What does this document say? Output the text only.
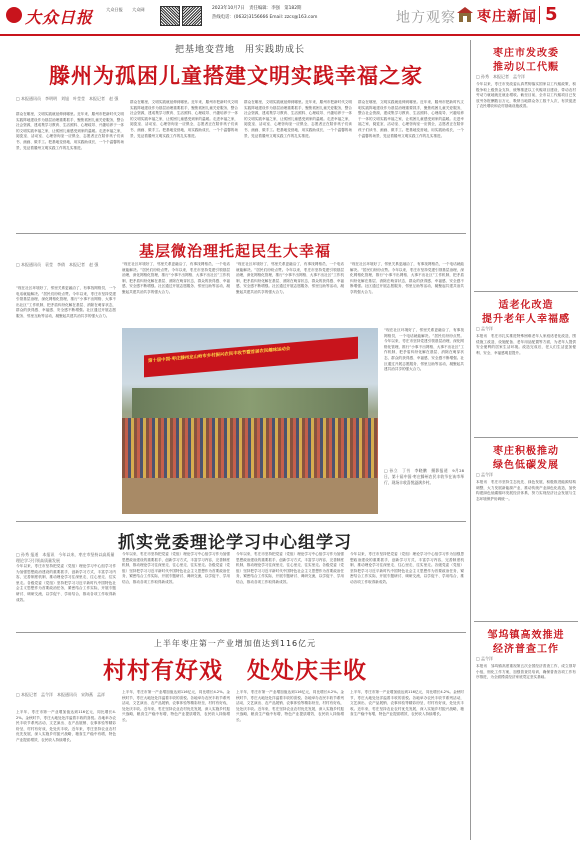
大众日报	大众日报 大众网	2023年10月7日　责任编辑：李强　第182期
热线电话：(0632)3156666 Email: zzcs@163.com	地方观察 枣庄新闻 5
把基地变营地　用实践助成长
滕州为孤困儿童搭建文明实践幸福之家
□ 本报通讯员　李明明　刘旭　叶莹莹　本报记者　赵 强
群众在哪里，文明实践就延伸到哪里。近年来，滕州市把新时代文明实践阵地建设作为基层治理重要抓手，聚焦孤困儿童关爱服务，整合社会资源，建成集学习教育、生活照料、心理疏导、兴趣培养于一体的文明实践幸福之家，让孤困儿童感受到家的温暖。走进幸福之家，阅览室、活动室、心理咨询室一应俱全，志愿者正在陪伴孩子们读书、画画、做手工。把基地变营地，用实践助成长，一个个温馨的场景，见证着滕州文明实践工作的扎实推进。
群众在哪里，文明实践就延伸到哪里。近年来，滕州市把新时代文明实践阵地建设作为基层治理重要抓手，聚焦孤困儿童关爱服务，整合社会资源，建成集学习教育、生活照料、心理疏导、兴趣培养于一体的文明实践幸福之家，让孤困儿童感受到家的温暖。走进幸福之家，阅览室、活动室、心理咨询室一应俱全，志愿者正在陪伴孩子们读书、画画、做手工。把基地变营地，用实践助成长，一个个温馨的场景，见证着滕州文明实践工作的扎实推进。
群众在哪里，文明实践就延伸到哪里。近年来，滕州市把新时代文明实践阵地建设作为基层治理重要抓手，聚焦孤困儿童关爱服务，整合社会资源，建成集学习教育、生活照料、心理疏导、兴趣培养于一体的文明实践幸福之家，让孤困儿童感受到家的温暖。走进幸福之家，阅览室、活动室、心理咨询室一应俱全，志愿者正在陪伴孩子们读书、画画、做手工。把基地变营地，用实践助成长，一个个温馨的场景，见证着滕州文明实践工作的扎实推进。
群众在哪里，文明实践就延伸到哪里。近年来，滕州市把新时代文明实践阵地建设作为基层治理重要抓手，聚焦孤困儿童关爱服务，整合社会资源，建成集学习教育、生活照料、心理疏导、兴趣培养于一体的文明实践幸福之家，让孤困儿童感受到家的温暖。走进幸福之家，阅览室、活动室、心理咨询室一应俱全，志愿者正在陪伴孩子们读书、画画、做手工。把基地变营地，用实践助成长，一个个温馨的场景，见证着滕州文明实践工作的扎实推进。
基层微治理托起民生大幸福
□ 本报通讯员　袁莹　李倩　本报记者　赵 强
“现在社区环境好了，邻里关系更融洽了，有事找网格员，一个电话就能解决。”居民们纷纷点赞。今年以来，枣庄市坚持党建引领基层治理，深化网格化管理，推行“小事不出网格、大事不出社区”工作机制，把矛盾纠纷化解在基层、消除在萌芽状态，群众的获得感、幸福感、安全感不断增强。社区通过开展志愿服务、邻里互助等活动，凝聚起共建共治共享的强大合力。
“现在社区环境好了，邻里关系更融洽了，有事找网格员，一个电话就能解决。”居民们纷纷点赞。今年以来，枣庄市坚持党建引领基层治理，深化网格化管理，推行“小事不出网格、大事不出社区”工作机制，把矛盾纠纷化解在基层、消除在萌芽状态，群众的获得感、幸福感、安全感不断增强。社区通过开展志愿服务、邻里互助等活动，凝聚起共建共治共享的强大合力。
“现在社区环境好了，邻里关系更融洽了，有事找网格员，一个电话就能解决。”居民们纷纷点赞。今年以来，枣庄市坚持党建引领基层治理，深化网格化管理，推行“小事不出网格、大事不出社区”工作机制，把矛盾纠纷化解在基层、消除在萌芽状态，群众的获得感、幸福感、安全感不断增强。社区通过开展志愿服务、邻里互助等活动，凝聚起共建共治共享的强大合力。
“现在社区环境好了，邻里关系更融洽了，有事找网格员，一个电话就能解决。”居民们纷纷点赞。今年以来，枣庄市坚持党建引领基层治理，深化网格化管理，推行“小事不出网格、大事不出社区”工作机制，把矛盾纠纷化解在基层、消除在萌芽状态，群众的获得感、幸福感、安全感不断增强。社区通过开展志愿服务、邻里互助等活动，凝聚起共建共治共享的强大合力。
第十届中国·枣庄滕州龙山岭市乡村振兴农民丰收节暨首届农民趣味运动会
□ 孙立　丁书　李晓鹏　摄影报道　9月28日，第十届中国·枣庄滕州农民丰收节在该市举行，现场丰收喜悦溢满乡村。
“现在社区环境好了，邻里关系更融洽了，有事找网格员，一个电话就能解决。”居民们纷纷点赞。今年以来，枣庄市坚持党建引领基层治理，深化网格化管理，推行“小事不出网格、大事不出社区”工作机制，把矛盾纠纷化解在基层、消除在萌芽状态，群众的获得感、幸福感、安全感不断增强。社区通过开展志愿服务、邻里互助等活动，凝聚起共建共治共享的强大合力。
抓实党委理论学习中心组学习
□ 孙秀 报道　本报讯　今年以来，枣庄市坚持以高质量理论学习引领高质量发展
今年以来，枣庄市坚持把党委（党组）理论学习中心组学习作为加强思想政治建设的重要抓手，创新学习方式，丰富学习内容，完善制度机制，推动理论学习往深里走、往心里走、往实里走。各级党委（党组）坚持把学习习近平新时代中国特色社会主义思想作为首要政治任务，紧密结合工作实际，开展专题研讨、调研交流，以学促干、学用结合，推动各项工作取得新成效。
今年以来，枣庄市坚持把党委（党组）理论学习中心组学习作为加强思想政治建设的重要抓手，创新学习方式，丰富学习内容，完善制度机制，推动理论学习往深里走、往心里走、往实里走。各级党委（党组）坚持把学习习近平新时代中国特色社会主义思想作为首要政治任务，紧密结合工作实际，开展专题研讨、调研交流，以学促干、学用结合，推动各项工作取得新成效。
今年以来，枣庄市坚持把党委（党组）理论学习中心组学习作为加强思想政治建设的重要抓手，创新学习方式，丰富学习内容，完善制度机制，推动理论学习往深里走、往心里走、往实里走。各级党委（党组）坚持把学习习近平新时代中国特色社会主义思想作为首要政治任务，紧密结合工作实际，开展专题研讨、调研交流，以学促干、学用结合，推动各项工作取得新成效。
今年以来，枣庄市坚持把党委（党组）理论学习中心组学习作为加强思想政治建设的重要抓手，创新学习方式，丰富学习内容，完善制度机制，推动理论学习往深里走、往心里走、往实里走。各级党委（党组）坚持把学习习近平新时代中国特色社会主义思想作为首要政治任务，紧密结合工作实际，开展专题研讨、调研交流，以学促干、学用结合，推动各项工作取得新成效。
上半年枣庄第一产业增加值达到116亿元
村村有好戏　处处庆丰收
□ 本报记者　孟令洋　本报通讯员　宋海燕　孟祥
上半年，枣庄市第一产业增加值达到116亿元，同比增长4.2%。金秋时节，枣庄大地处处洋溢着丰收的喜悦。各地举办农民丰收节系列活动，文艺演出、农产品展销、农事体验等精彩纷呈，村村有好戏，处处庆丰收。近年来，枣庄坚持农业农村优先发展，深入实施乡村振兴战略，粮食生产稳中有增，特色产业提质增效，农民收入持续增长。
上半年，枣庄市第一产业增加值达到116亿元，同比增长4.2%。金秋时节，枣庄大地处处洋溢着丰收的喜悦。各地举办农民丰收节系列活动，文艺演出、农产品展销、农事体验等精彩纷呈，村村有好戏，处处庆丰收。近年来，枣庄坚持农业农村优先发展，深入实施乡村振兴战略，粮食生产稳中有增，特色产业提质增效，农民收入持续增长。
上半年，枣庄市第一产业增加值达到116亿元，同比增长4.2%。金秋时节，枣庄大地处处洋溢着丰收的喜悦。各地举办农民丰收节系列活动，文艺演出、农产品展销、农事体验等精彩纷呈，村村有好戏，处处庆丰收。近年来，枣庄坚持农业农村优先发展，深入实施乡村振兴战略，粮食生产稳中有增，特色产业提质增效，农民收入持续增长。
上半年，枣庄市第一产业增加值达到116亿元，同比增长4.2%。金秋时节，枣庄大地处处洋溢着丰收的喜悦。各地举办农民丰收节系列活动，文艺演出、农产品展销、农事体验等精彩纷呈，村村有好戏，处处庆丰收。近年来，枣庄坚持农业农村优先发展，深入实施乡村振兴战略，粮食生产稳中有增，特色产业提质增效，农民收入持续增长。
枣庄市发改委
推动以工代赈
□ 孙秀　本报记者　孟令洋
今年以来，枣庄市发改委认真贯彻落实国家以工代赈政策，积极争取上级资金支持，统筹推进以工代赈项目建设，带动农村劳动力就地就近就业增收。截至目前，全市以工代赈项目已发放劳务报酬数百万元，吸纳当地群众务工数千人次，有效促进了农民增收和农村基础设施改善。
适老化改造
提升老年人幸福感
□ 孟令洋
本报讯　枣庄市扎实推进特殊困难老年人家庭适老化改造，围绕施工改造、设施配备、老年用品配置等方面，为老年人提供安全便利的居家生活环境。改造完成后，老人们生活更加便利、安全，幸福感明显提升。
枣庄积极推动
绿色低碳发展
□ 孟令洋
本报讯　枣庄市坚持生态优先、绿色发展，积极推进能源结构调整，大力发展新能源产业，推动传统产业绿色化改造，加快构建绿色低碳循环发展经济体系，努力实现经济社会发展与生态环境保护协调统一。
邹坞镇高效推进
经济普查工作
□ 孟令洋
本报讯　邹坞镇高度重视第五次全国经济普查工作，成立领导小组，细化工作方案，加强普查员培训，确保普查各项工作有序推进，为全面摸清经济家底奠定坚实基础。
